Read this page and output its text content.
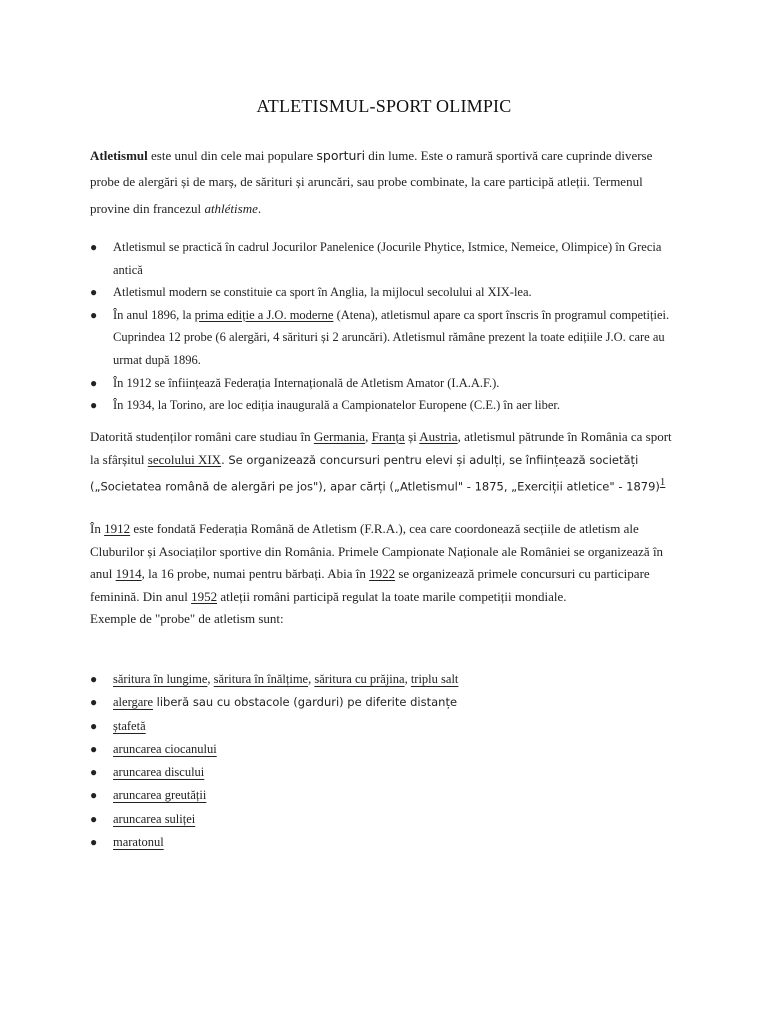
ATLETISMUL-SPORT OLIMPIC

Atletismul este unul din cele mai populare sporturi din lume. Este o ramură sportivă care cuprinde diverse probe de alergări și de marș, de sărituri și aruncări, sau probe combinate, la care participă atleții. Termenul provine din francezul athlétisme.

● Atletismul se practică în cadrul Jocurilor Panelenice (Jocurile Phytice, Istmice, Nemeice, Olimpice) în Grecia antică
● Atletismul modern se constituie ca sport în Anglia, la mijlocul secolului al XIX-lea.
● În anul 1896, la prima ediție a J.O. moderne (Atena), atletismul apare ca sport înscris în programul competiției. Cuprindea 12 probe (6 alergări, 4 sărituri și 2 aruncări). Atletismul rămâne prezent la toate edițiile J.O. care au urmat după 1896.
● În 1912 se înființează Federația Internațională de Atletism Amator (I.A.A.F.).
● În 1934, la Torino, are loc ediția inaugurală a Campionatelor Europene (C.E.) în aer liber.

Datorită studenților români care studiau în Germania, Franța și Austria, atletismul pătrunde în România ca sport la sfârșitul secolului XIX. Se organizează concursuri pentru elevi și adulți, se înființează societăți („Societatea română de alergări pe jos"), apar cărți („Atletismul" - 1875, „Exerciții atletice" - 1879)$^1$

În 1912 este fondată Federația Română de Atletism (F.R.A.), cea care coordonează secțiile de atletism ale Cluburilor și Asociaților sportive din România. Primele Campionate Naționale ale României se organizează în anul 1914, la 16 probe, numai pentru bărbați. Abia în 1922 se organizează primele concursuri cu participare feminină. Din anul 1952 atleții români participă regulat la toate marile competiții mondiale.
Exemple de "probe" de atletism sunt:

● săritura în lungime, săritura în înălțime, săritura cu prăjina, triplu salt
● alergare liberă sau cu obstacole (garduri) pe diferite distanțe
● ștafetă
● aruncarea ciocanului
● aruncarea discului
● aruncarea greutății
● aruncarea suliței
● maratonul
